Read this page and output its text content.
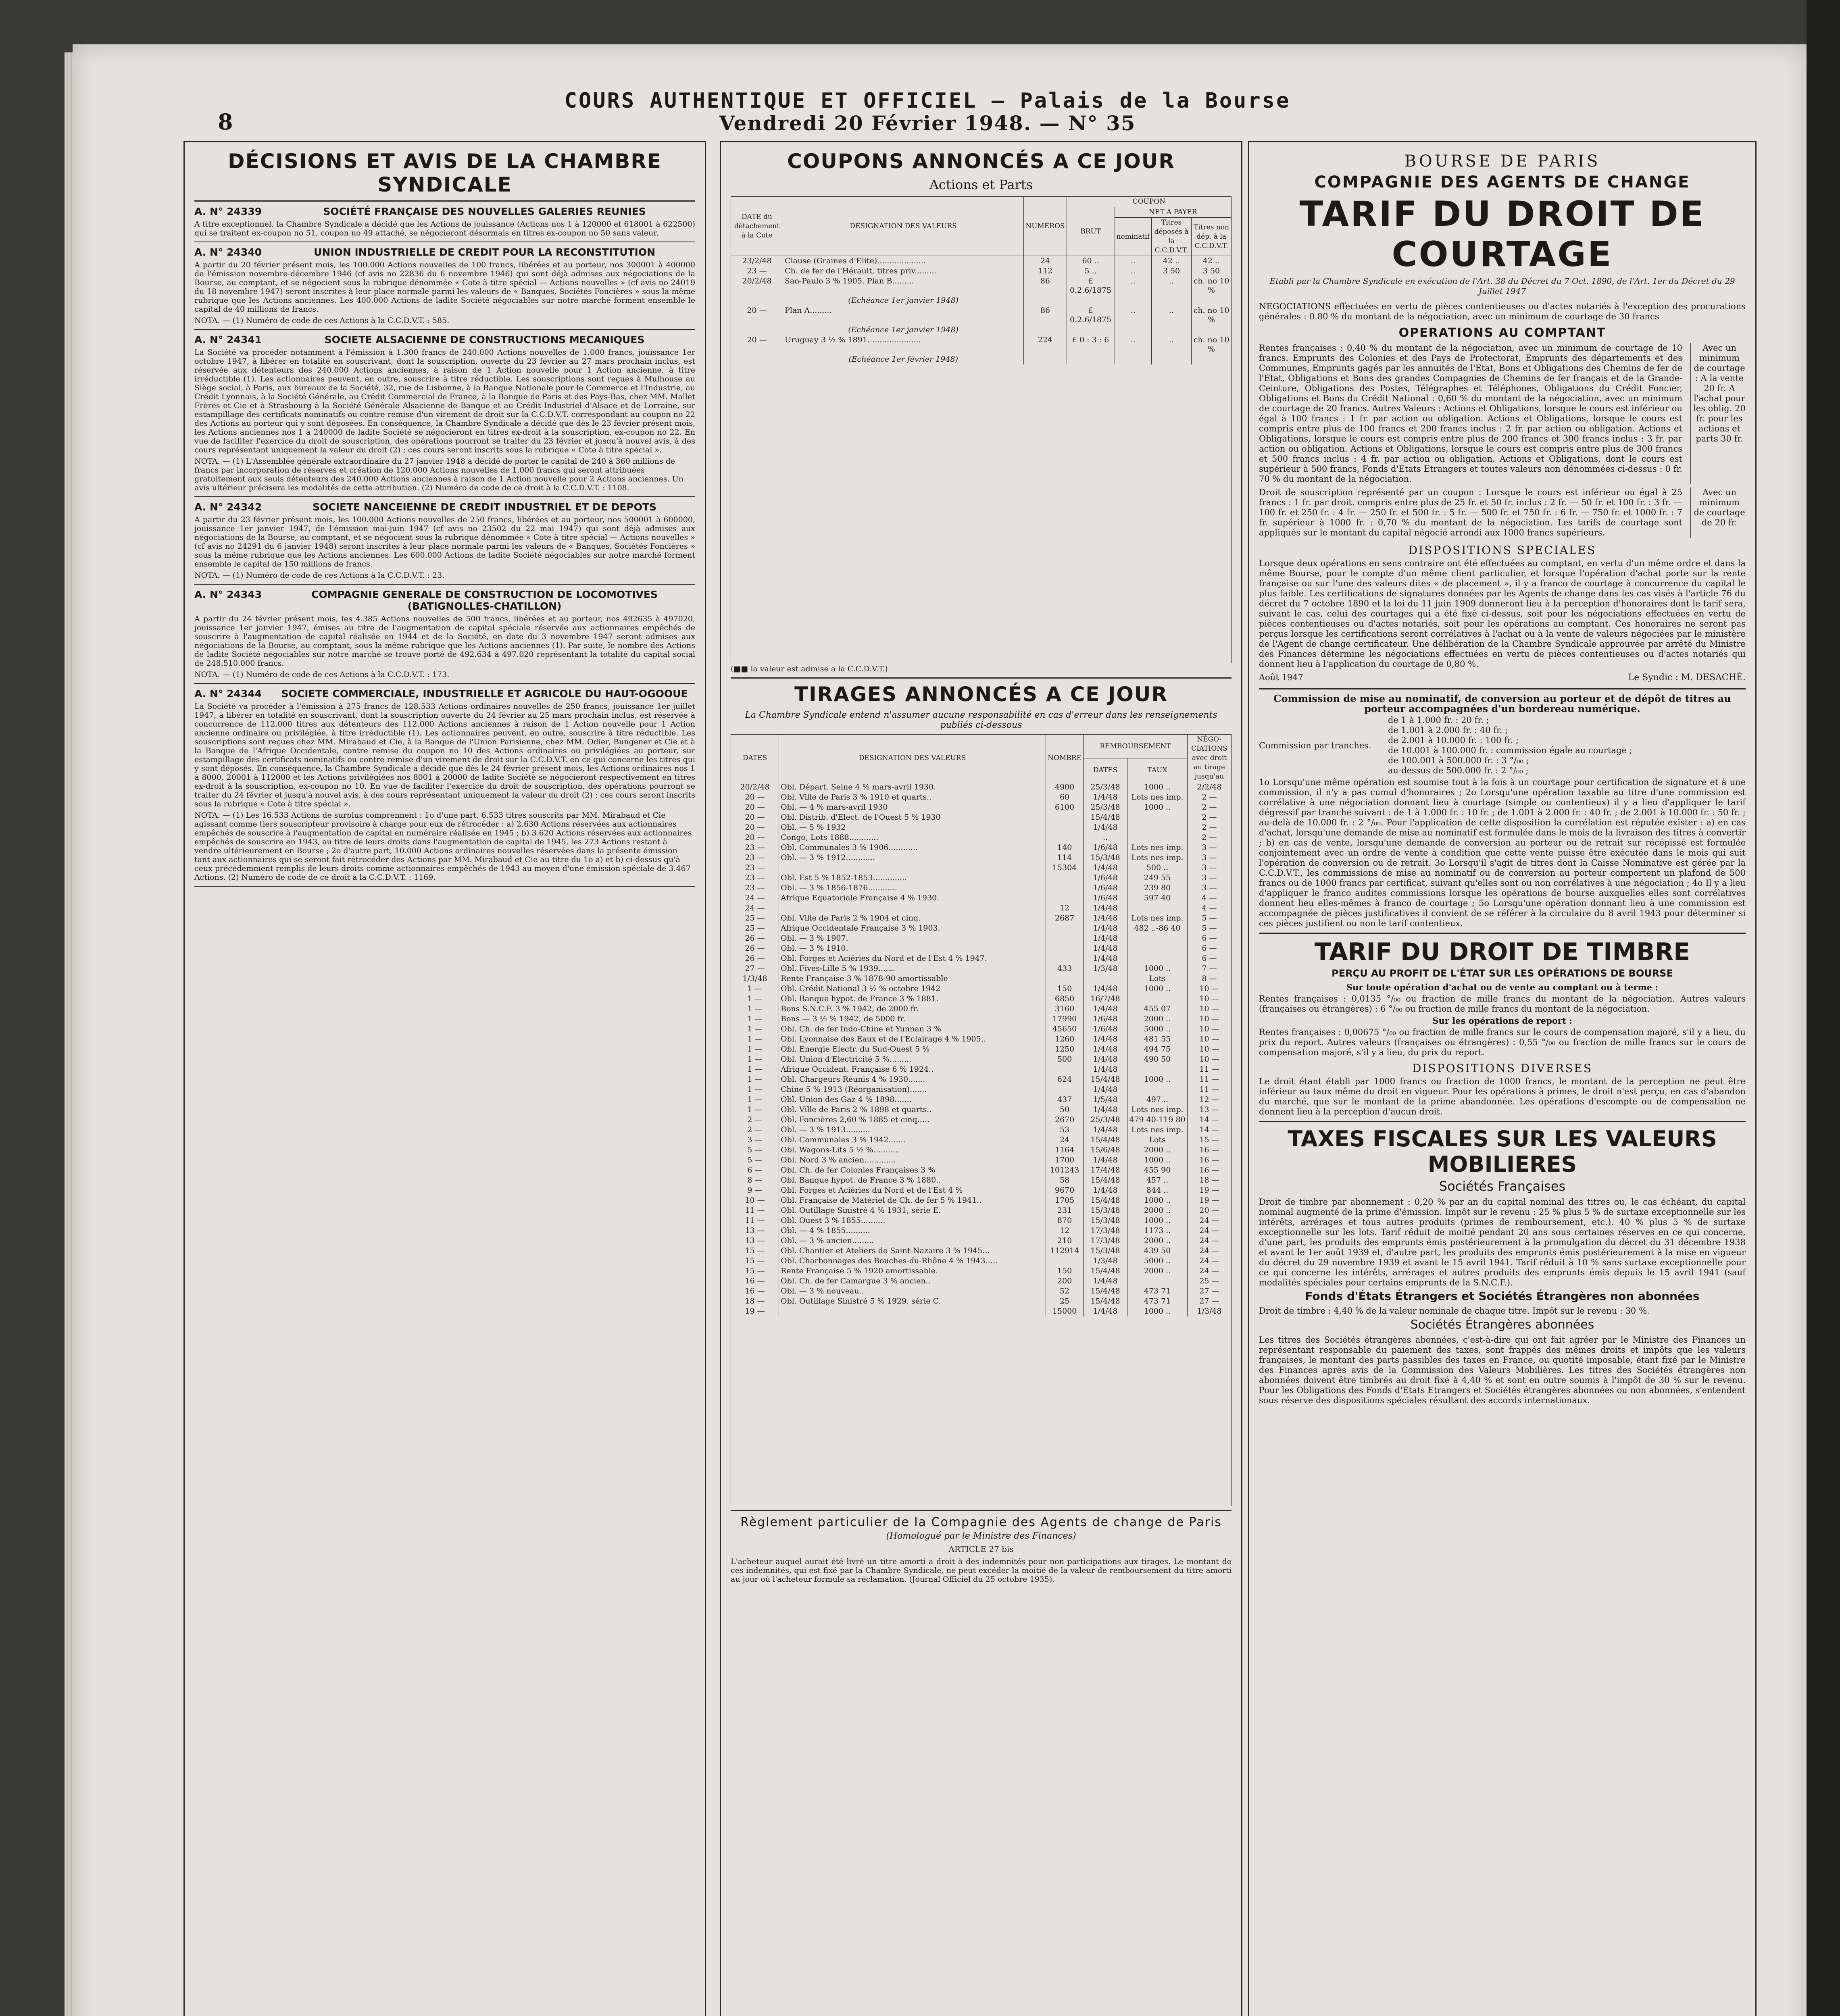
8
COURS AUTHENTIQUE ET OFFICIEL — Palais de la Bourse
Vendredi 20 Février 1948. — N° 35
DÉCISIONS ET AVIS DE LA CHAMBRE SYNDICALE
A. N° 24339	SOCIÉTÉ FRANÇAISE DES NOUVELLES GALERIES REUNIES
A titre exceptionnel, la Chambre Syndicale a décidé que les Actions de jouissance (Actions nos 1 à 120000 et 618001 à 622500) qui se traitent ex-coupon no 51, coupon no 49 attaché, se négocieront désormais en titres ex-coupon no 50 sans valeur.
A. N° 24340	UNION INDUSTRIELLE DE CREDIT POUR LA RECONSTITUTION
A partir du 20 février présent mois, les 100.000 Actions nouvelles de 100 francs, libérées et au porteur, nos 300001 à 400000 de l'émission novembre-décembre 1946 (cf avis no 22836 du 6 novembre 1946) qui sont déjà admises aux négociations de la Bourse, au comptant, et se négocient sous la rubrique dénommée « Cote à titre spécial — Actions nouvelles » (cf avis no 24019 du 18 novembre 1947) seront inscrites à leur place normale parmi les valeurs de « Banques, Sociétés Foncières » sous la même rubrique que les Actions anciennes. Les 400.000 Actions de ladite Société négociables sur notre marché forment ensemble le capital de 40 millions de francs.
NOTA. — (1) Numéro de code de ces Actions à la C.C.D.V.T. : 585.
A. N° 24341	SOCIETE ALSACIENNE DE CONSTRUCTIONS MECANIQUES
La Société va procéder notamment à l'émission à 1.300 francs de 240.000 Actions nouvelles de 1.000 francs, jouissance 1er octobre 1947, à libérer en totalité en souscrivant, dont la souscription, ouverte du 23 février au 27 mars prochain inclus, est réservée aux détenteurs des 240.000 Actions anciennes, à raison de 1 Action nouvelle pour 1 Action ancienne, à titre irréductible (1). Les actionnaires peuvent, en outre, souscrire à titre réductible. Les souscriptions sont reçues à Mulhouse au Siège social, à Paris, aux bureaux de la Société, 32, rue de Lisbonne, à la Banque Nationale pour le Commerce et l'Industrie, au Crédit Lyonnais, à la Société Générale, au Crédit Commercial de France, à la Banque de Paris et des Pays-Bas, chez MM. Mallet Frères et Cie et à Strasbourg à la Société Générale Alsacienne de Banque et au Crédit Industriel d'Alsace et de Lorraine, sur estampillage des certificats nominatifs ou contre remise d'un virement de droit sur la C.C.D.V.T. correspondant au coupon no 22 des Actions au porteur qui y sont déposées. En conséquence, la Chambre Syndicale a décidé que dès le 23 février présent mois, les Actions anciennes nos 1 à 240000 de ladite Société se négocieront en titres ex-droit à la souscription, ex-coupon no 22. En vue de faciliter l'exercice du droit de souscription, des opérations pourront se traiter du 23 février et jusqu'à nouvel avis, à des cours représentant uniquement la valeur du droit (2) ; ces cours seront inscrits sous la rubrique « Cote à titre spécial ».
NOTA. — (1) L'Assemblée générale extraordinaire du 27 janvier 1948 a décidé de porter le capital de 240 à 360 millions de francs par incorporation de réserves et création de 120.000 Actions nouvelles de 1.000 francs qui seront attribuées gratuitement aux seuls détenteurs des 240.000 Actions anciennes à raison de 1 Action nouvelle pour 2 Actions anciennes. Un avis ultérieur précisera les modalités de cette attribution. (2) Numéro de code de ce droit à la C.C.D.V.T. : 1108.
A. N° 24342	SOCIETE NANCEIENNE DE CREDIT INDUSTRIEL ET DE DEPOTS
A partir du 23 février présent mois, les 100.000 Actions nouvelles de 250 francs, libérées et au porteur, nos 500001 à 600000, jouissance 1er janvier 1947, de l'émission mai-juin 1947 (cf avis no 23502 du 22 mai 1947) qui sont déjà admises aux négociations de la Bourse, au comptant, et se négocient sous la rubrique dénommée « Cote à titre spécial — Actions nouvelles » (cf avis no 24291 du 6 janvier 1948) seront inscrites à leur place normale parmi les valeurs de « Banques, Sociétés Foncières » sous la même rubrique que les Actions anciennes. Les 600.000 Actions de ladite Société négociables sur notre marché forment ensemble le capital de 150 millions de francs.
NOTA. — (1) Numéro de code de ces Actions à la C.C.D.V.T. : 23.
A. N° 24343	COMPAGNIE GENERALE DE CONSTRUCTION DE LOCOMOTIVES (BATIGNOLLES-CHATILLON)
A partir du 24 février présent mois, les 4.385 Actions nouvelles de 500 francs, libérées et au porteur, nos 492635 à 497020, jouissance 1er janvier 1947, émises au titre de l'augmentation de capital spéciale réservée aux actionnaires empêchés de souscrire à l'augmentation de capital réalisée en 1944 et de la Société, en date du 3 novembre 1947 seront admises aux négociations de la Bourse, au comptant, sous la même rubrique que les Actions anciennes (1). Par suite, le nombre des Actions de ladite Société négociables sur notre marché se trouve porté de 492.634 à 497.020 représentant la totalité du capital social de 248.510.000 francs.
NOTA. — (1) Numéro de code de ces Actions à la C.C.D.V.T. : 173.
A. N° 24344	SOCIETE COMMERCIALE, INDUSTRIELLE ET AGRICOLE DU HAUT-OGOOUE
La Société va procéder à l'émission à 275 francs de 128.533 Actions ordinaires nouvelles de 250 francs, jouissance 1er juillet 1947, à libérer en totalité en souscrivant, dont la souscription ouverte du 24 février au 25 mars prochain inclus, est réservée à concurrence de 112.000 titres aux détenteurs des 112.000 Actions anciennes à raison de 1 Action nouvelle pour 1 Action ancienne ordinaire ou privilégiée, à titre irréductible (1). Les actionnaires peuvent, en outre, souscrire à titre réductible. Les souscriptions sont reçues chez MM. Mirabaud et Cie, à la Banque de l'Union Parisienne, chez MM. Odier, Bungener et Cie et à la Banque de l'Afrique Occidentale, contre remise du coupon no 10 des Actions ordinaires ou privilégiées au porteur, sur estampillage des certificats nominatifs ou contre remise d'un virement de droit sur la C.C.D.V.T. en ce qui concerne les titres qui y sont déposés. En conséquence, la Chambre Syndicale a décidé que dès le 24 février présent mois, les Actions ordinaires nos 1 à 8000, 20001 à 112000 et les Actions privilégiées nos 8001 à 20000 de ladite Société se négocieront respectivement en titres ex-droit à la souscription, ex-coupon no 10. En vue de faciliter l'exercice du droit de souscription, des opérations pourront se traiter du 24 février et jusqu'à nouvel avis, à des cours représentant uniquement la valeur du droit (2) ; ces cours seront inscrits sous la rubrique « Cote à titre spécial ».
NOTA. — (1) Les 16.533 Actions de surplus comprennent : 1o d'une part, 6.533 titres souscrits par MM. Mirabaud et Cie agissant comme tiers souscripteur provisoire à charge pour eux de rétrocéder : a) 2.630 Actions réservées aux actionnaires empêchés de souscrire à l'augmentation de capital en numéraire réalisée en 1945 ; b) 3.620 Actions réservées aux actionnaires empêchés de souscrire en 1943, au titre de leurs droits dans l'augmentation de capital de 1945, les 273 Actions restant à vendre ultérieurement en Bourse ; 2o d'autre part, 10.000 Actions ordinaires nouvelles réservées dans la présente émission tant aux actionnaires qui se seront fait rétrocéder des Actions par MM. Mirabaud et Cie au titre du 1o a) et b) ci-dessus qu'à ceux précédemment remplis de leurs droits comme actionnaires empêchés de 1943 au moyen d'une émission spéciale de 3.467 Actions. (2) Numéro de code de ce droit à la C.C.D.V.T. : 1169.
COUPONS ANNONCÉS A CE JOUR
Actions et Parts
DATE du détachement à la Cote	DÉSIGNATION DES VALEURS	NUMÉROS	COUPON			
			BRUT	NET A PAYER		
				nominatif	Titres déposés à la C.C.D.V.T.	Titres non dép. à la C.C.D.V.T.
23/2/48	Clause (Graines d'Elite)....................	24	60 ..	..	42 ..	42 ..
23 —	Ch. de fer de l'Hérault, titres priv.........	112	5 ..	..	3 50	3 50
20/2/48	Sao-Paulo 3 % 1905. Plan B.........	86	£ 0.2.6/1875	..	..	ch. no 10 %
	(Echéance 1er janvier 1948)					
20 —	Plan A.........	86	£ 0.2.6/1875	..	..	ch. no 10 %
	(Echéance 1er janvier 1948)					
20 —	Uruguay 3 ½ % 1891......................	224	£ 0 : 3 : 6	..	..	ch. no 10 %
	(Echéance 1er février 1948)					
(■■ la valeur est admise a la C.C.D.V.T.)
TIRAGES ANNONCÉS A CE JOUR
La Chambre Syndicale entend n'assumer aucune responsabilité en cas d'erreur dans les renseignements publiés ci-dessous
DATES	DÉSIGNATION DES VALEURS	NOMBRE	REMBOURSEMENT		NÉGO-CIATIONS avec droit au tirage jusqu'au
			DATES	TAUX	
20/2/48	Obl. Départ. Seine 4 % mars-avril 1930.	4900	25/3/48	1000 ..	2/2/48
20 —	Obl. Ville de Paris 3 % 1910 et quarts..	60	1/4/48	Lots nes imp.	2 —
20 —	Obl. — 4 % mars-avril 1930	6100	25/3/48	1000 ..	2 —
20 —	Obl. Distrib. d'Elect. de l'Ouest 5 % 1930		15/4/48		2 —
20 —	Obl. — 5 % 1932		1/4/48		2 —
20 —	Congo, Lots 1888............		..		2 —
23 —	Obl. Communales 3 % 1906............	140	1/6/48	Lots nes imp.	3 —
23 —	Obl. — 3 % 1912............	114	15/3/48	Lots nes imp.	3 —
23 —		15304	1/4/48	500 ..	3 —
23 —	Obl. Est 5 % 1852-1853..............		1/6/48	249 55	3 —
23 —	Obl. — 3 % 1856-1876............		1/6/48	239 80	3 —
24 —	Afrique Equatoriale Française 4 % 1930.		1/6/48	597 40	4 —
24 —		12	1/4/48		4 —
25 —	Obl. Ville de Paris 2 % 1904 et cinq.	2687	1/4/48	Lots nes imp.	5 —
25 —	Afrique Occidentale Française 3 % 1903.		1/4/48	482 ..-86 40	5 —
26 —	Obl. — 3 % 1907.		1/4/48		6 —
26 —	Obl. — 3 % 1910.		1/4/48		6 —
26 —	Obl. Forges et Aciéries du Nord et de l'Est 4 % 1947.		1/4/48		6 —
27 —	Obl. Fives-Lille 5 % 1939.......	433	1/3/48	1000 ..	7 —
1/3/48	Rente Française 3 % 1878-90 amortissable			Lots	8 —
1 —	Obl. Crédit National 3 ½ % octobre 1942	150	1/4/48	1000 ..	10 —
1 —	Obl. Banque hypot. de France 3 % 1881.	6850	16/7/48		10 —
1 —	Bons S.N.C.F. 3 % 1942, de 2000 fr.	3160	1/4/48	455 07	10 —
1 —	Bons — 3 ½ % 1942, de 5000 fr.	17990	1/6/48	2000 ..	10 —
1 —	Obl. Ch. de fer Indo-Chine et Yunnan 3 %	45650	1/6/48	5000 ..	10 —
1 —	Obl. Lyonnaise des Eaux et de l'Eclairage 4 % 1905..	1260	1/4/48	481 55	10 —
1 —	Obl. Energie Electr. du Sud-Ouest 5 %	1250	1/4/48	494 75	10 —
1 —	Obl. Union d'Electricité 5 %.........	500	1/4/48	490 50	10 —
1 —	Afrique Occident. Française 6 % 1924..		1/4/48		11 —
1 —	Obl. Chargeurs Réunis 4 % 1930.......	624	15/4/48	1000 ..	11 —
1 —	Chine 5 % 1913 (Réorganisation).......		1/4/48		11 —
1 —	Obl. Union des Gaz 4 % 1898.......	437	1/5/48	497 ..	12 —
1 —	Obl. Ville de Paris 2 % 1898 et quarts..	50	1/4/48	Lots nes imp.	13 —
2 —	Obl. Foncières 2,60 % 1885 et cinq.....	2670	25/3/48	479 40-119 80	14 —
2 —	Obl. — 3 % 1913..........	53	1/4/48	Lots nes imp.	14 —
3 —	Obl. Communales 3 % 1942.......	24	15/4/48	Lots	15 —
5 —	Obl. Wagons-Lits 5 ½ %...........	1164	15/6/48	2000 ..	16 —
5 —	Obl. Nord 3 % ancien.............	1700	1/4/48	1000 ..	16 —
6 —	Obl. Ch. de fer Colonies Françaises 3 %	101243	17/4/48	455 90	16 —
8 —	Obl. Banque hypot. de France 3 % 1880..	58	15/4/48	457 ..	18 —
9 —	Obl. Forges et Aciéries du Nord et de l'Est 4 %	9670	1/4/48	844 ..	19 —
10 —	Obl. Française de Matériel de Ch. de fer 5 % 1941..	1705	15/4/48	1000 ..	19 —
11 —	Obl. Outillage Sinistré 4 % 1931, série E.	231	15/3/48	2000 ..	20 —
11 —	Obl. Ouest 3 % 1855..........	870	15/3/48	1000 ..	24 —
13 —	Obl. — 4 % 1855..........	12	17/3/48	1173 ..	24 —
13 —	Obl. — 3 % ancien.........	210	17/3/48	2000 ..	24 —
15 —	Obl. Chantier et Ateliers de Saint-Nazaire 3 % 1945...	112914	15/3/48	439 50	24 —
15 —	Obl. Charbonnages des Bouches-du-Rhône 4 % 1943.....		1/3/48	5000 ..	24 —
15 —	Rente Française 5 % 1920 amortissable.	150	15/4/48	2000 ..	24 —
16 —	Obl. Ch. de fer Camargue 3 % ancien..	200	1/4/48		25 —
16 —	Obl. — 3 % nouveau..	52	15/4/48	473 71	27 —
18 —	Obl. Outillage Sinistré 5 % 1929, série C.	25	15/4/48	473 71	27 —
19 —		15000	1/4/48	1000 ..	1/3/48
Règlement particulier de la Compagnie des Agents de change de Paris
(Homologué par le Ministre des Finances)
ARTICLE 27 bis
L'acheteur auquel aurait été livré un titre amorti a droit à des indemnités pour non participations aux tirages. Le montant de ces indemnités, qui est fixé par la Chambre Syndicale, ne peut excéder la moitié de la valeur de remboursement du titre amorti au jour où l'acheteur formule sa réclamation. (Journal Officiel du 25 octobre 1935).
BOURSE DE PARIS
COMPAGNIE DES AGENTS DE CHANGE
TARIF DU DROIT DE COURTAGE
Etabli par la Chambre Syndicale en exécution de l'Art. 38 du Décret du 7 Oct. 1890, de l'Art. 1er du Décret du 29 Juillet 1947
NEGOCIATIONS effectuées en vertu de pièces contentieuses ou d'actes notariés à l'exception des procurations générales : 0.80 % du montant de la négociation, avec un minimum de courtage de 30 francs
OPERATIONS AU COMPTANT
Rentes françaises : 0,40 % du montant de la négociation, avec un minimum de courtage de 10 francs. Emprunts des Colonies et des Pays de Protectorat, Emprunts des départements et des Communes, Emprunts gagés par les annuités de l'Etat, Bons et Obligations des Chemins de fer de l'Etat, Obligations et Bons des grandes Compagnies de Chemins de fer français et de la Grande-Ceinture, Obligations des Postes, Télégraphes et Téléphones, Obligations du Crédit Foncier, Obligations et Bons du Crédit National : 0,60 % du montant de la négociation, avec un minimum de courtage de 20 francs. Autres Valeurs : Actions et Obligations, lorsque le cours est inférieur ou égal à 100 francs : 1 fr. par action ou obligation. Actions et Obligations, lorsque le cours est compris entre plus de 100 francs et 200 francs inclus : 2 fr. par action ou obligation. Actions et Obligations, lorsque le cours est compris entre plus de 200 francs et 300 francs inclus : 3 fr. par action ou obligation. Actions et Obligations, lorsque le cours est compris entre plus de 300 francs et 500 francs inclus : 4 fr. par action ou obligation. Actions et Obligations, dont le cours est supérieur à 500 francs, Fonds d'Etats Etrangers et toutes valeurs non dénommées ci-dessus : 0 fr. 70 % du montant de la négociation.
Avec un minimum de courtage : A la vente 20 fr. A l'achat pour les oblig. 20 fr. pour les actions et parts 30 fr.
Droit de souscription représenté par un coupon : Lorsque le cours est inférieur ou égal à 25 francs : 1 fr. par droit. compris entre plus de 25 fr. et 50 fr. inclus : 2 fr. — 50 fr. et 100 fr. : 3 fr. — 100 fr. et 250 fr. : 4 fr. — 250 fr. et 500 fr. : 5 fr. — 500 fr. et 750 fr. : 6 fr. — 750 fr. et 1000 fr. : 7 fr. supérieur à 1000 fr. : 0,70 % du montant de la négociation. Les tarifs de courtage sont appliqués sur le montant du capital négocié arrondi aux 1000 francs supérieurs.
Avec un minimum de courtage de 20 fr.
DISPOSITIONS SPECIALES
Lorsque deux opérations en sens contraire ont été effectuées au comptant, en vertu d'un même ordre et dans la même Bourse, pour le compte d'un même client particulier, et lorsque l'opération d'achat porte sur la rente française ou sur l'une des valeurs dites « de placement », il y a franco de courtage à concurrence du capital le plus faible. Les certifications de signatures données par les Agents de change dans les cas visés à l'article 76 du décret du 7 octobre 1890 et la loi du 11 juin 1909 donneront lieu à la perception d'honoraires dont le tarif sera, suivant le cas, celui des courtages qui a été fixé ci-dessus, soit pour les négociations effectuées en vertu de pièces contentieuses ou d'actes notariés, soit pour les opérations au comptant. Ces honoraires ne seront pas perçus lorsque les certifications seront corrélatives à l'achat ou à la vente de valeurs négociées par le ministère de l'Agent de change certificateur. Une délibération de la Chambre Syndicale approuvée par arrêté du Ministre des Finances détermine les négociations effectuées en vertu de pièces contentieuses ou d'actes notariés qui donnent lieu à l'application du courtage de 0,80 %.
Août 1947	Le Syndic : M. DESACHÉ.
Commission de mise au nominatif, de conversion au porteur et de dépôt de titres au porteur accompagnées d'un bordereau numérique.
Commission par tranches.
de 1 à 1.000 fr. : 20 fr. ;
de 1.001 à 2.000 fr. : 40 fr. ;
de 2.001 à 10.000 fr. : 100 fr. ;
de 10.001 à 100.000 fr. : commission égale au courtage ;
de 100.001 à 500.000 fr. : 3 °/₀₀ ;
au-dessus de 500.000 fr. : 2 °/₀₀ ;
1o Lorsqu'une même opération est soumise tout à la fois à un courtage pour certification de signature et à une commission, il n'y a pas cumul d'honoraires ; 2o Lorsqu'une opération taxable au titre d'une commission est corrélative à une négociation donnant lieu à courtage (simple ou contentieux) il y a lieu d'appliquer le tarif dégressif par tranche suivant : de 1 à 1.000 fr. : 10 fr. ; de 1.001 à 2.000 fr. : 40 fr. ; de 2.001 à 10.000 fr. : 50 fr. ; au-delà de 10.000 fr. : 2 °/₀₀. Pour l'application de cette disposition la corrélation est réputée exister : a) en cas d'achat, lorsqu'une demande de mise au nominatif est formulée dans le mois de la livraison des titres à convertir ; b) en cas de vente, lorsqu'une demande de conversion au porteur ou de retrait sur récépissé est formulée conjointement avec un ordre de vente à condition que cette vente puisse être exécutée dans le mois qui suit l'opération de conversion ou de retrait. 3o Lorsqu'il s'agit de titres dont la Caisse Nominative est gérée par la C.C.D.V.T., les commissions de mise au nominatif ou de conversion au porteur comportent un plafond de 500 francs ou de 1000 francs par certificat, suivant qu'elles sont ou non corrélatives à une négociation ; 4o Il y a lieu d'appliquer le franco audites commissions lorsque les opérations de bourse auxquelles elles sont corrélatives donnent lieu elles-mêmes à franco de courtage ; 5o Lorsqu'une opération donnant lieu à une commission est accompagnée de pièces justificatives il convient de se référer à la circulaire du 8 avril 1943 pour déterminer si ces pièces justifient ou non le tarif contentieux.
TARIF DU DROIT DE TIMBRE
PERÇU AU PROFIT DE L'ÉTAT SUR LES OPÉRATIONS DE BOURSE
Sur toute opération d'achat ou de vente au comptant ou à terme :
Rentes françaises : 0,0135 °/₀₀ ou fraction de mille francs du montant de la négociation. Autres valeurs (françaises ou étrangères) : 6 °/₀₀ ou fraction de mille francs du montant de la négociation.
Sur les opérations de report :
Rentes françaises : 0,00675 °/₀₀ ou fraction de mille francs sur le cours de compensation majoré, s'il y a lieu, du prix du report. Autres valeurs (françaises ou étrangères) : 0,55 °/₀₀ ou fraction de mille francs sur le cours de compensation majoré, s'il y a lieu, du prix du report.
DISPOSITIONS DIVERSES
Le droit étant établi par 1000 francs ou fraction de 1000 francs, le montant de la perception ne peut être inférieur au taux même du droit en vigueur. Pour les opérations à primes, le droit n'est perçu, en cas d'abandon du marché, que sur le montant de la prime abandonnée. Les opérations d'escompte ou de compensation ne donnent lieu à la perception d'aucun droit.
TAXES FISCALES SUR LES VALEURS MOBILIERES
Sociétés Françaises
Droit de timbre par abonnement : 0,20 % par an du capital nominal des titres ou, le cas échéant, du capital nominal augmenté de la prime d'émission. Impôt sur le revenu : 25 % plus 5 % de surtaxe exceptionnelle sur les intérêts, arrérages et tous autres produits (primes de remboursement, etc.). 40 % plus 5 % de surtaxe exceptionnelle sur les lots. Tarif réduit de moitié pendant 20 ans sous certaines réserves en ce qui concerne, d'une part, les produits des emprunts émis postérieurement à la promulgation du décret du 31 décembre 1938 et avant le 1er août 1939 et, d'autre part, les produits des emprunts émis postérieurement à la mise en vigueur du décret du 29 novembre 1939 et avant le 15 avril 1941. Tarif réduit à 10 % sans surtaxe exceptionnelle pour ce qui concerne les intérêts, arrérages et autres produits des emprunts émis depuis le 15 avril 1941 (sauf modalités spéciales pour certains emprunts de la S.N.C.F.).
Fonds d'États Étrangers et Sociétés Étrangères non abonnées
Droit de timbre : 4,40 % de la valeur nominale de chaque titre. Impôt sur le revenu : 30 %.
Sociétés Étrangères abonnées
Les titres des Sociétés étrangères abonnées, c'est-à-dire qui ont fait agréer par le Ministre des Finances un représentant responsable du paiement des taxes, sont frappés des mêmes droits et impôts que les valeurs françaises, le montant des parts passibles des taxes en France, ou quotité imposable, étant fixé par le Ministre des Finances après avis de la Commission des Valeurs Mobilières. Les titres des Sociétés étrangères non abonnées doivent être timbrés au droit fixé à 4,40 % et sont en outre soumis à l'impôt de 30 % sur le revenu. Pour les Obligations des Fonds d'Etats Etrangers et Sociétés étrangères abonnées ou non abonnées, s'entendent sous réserve des dispositions spéciales résultant des accords internationaux.
